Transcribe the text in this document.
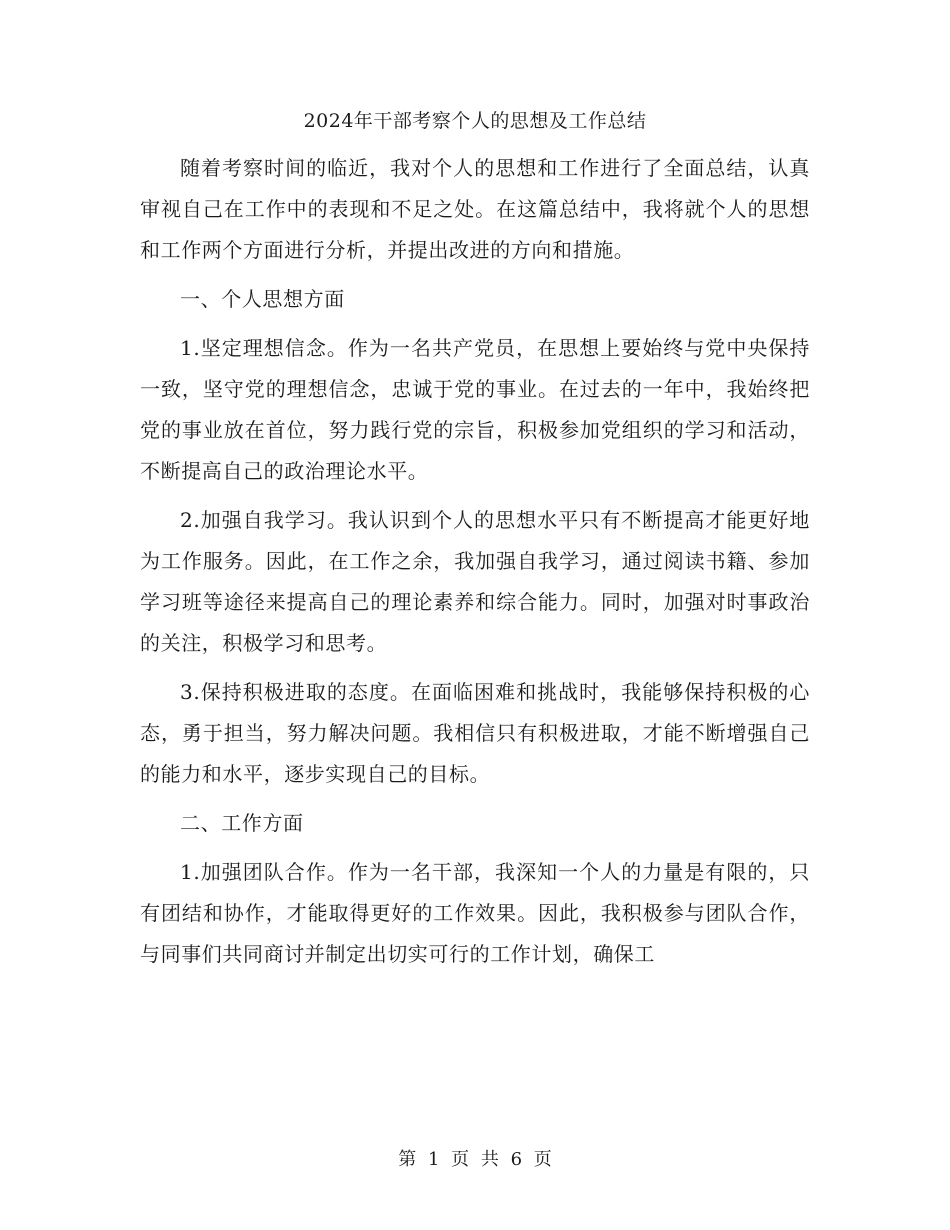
2024年干部考察个人的思想及工作总结

随着考察时间的临近，我对个人的思想和工作进行了全面总结，认真审视自己在工作中的表现和不足之处。在这篇总结中，我将就个人的思想和工作两个方面进行分析，并提出改进的方向和措施。

一、个人思想方面

1.坚定理想信念。作为一名共产党员，在思想上要始终与党中央保持一致，坚守党的理想信念，忠诚于党的事业。在过去的一年中，我始终把党的事业放在首位，努力践行党的宗旨，积极参加党组织的学习和活动，不断提高自己的政治理论水平。

2.加强自我学习。我认识到个人的思想水平只有不断提高才能更好地为工作服务。因此，在工作之余，我加强自我学习，通过阅读书籍、参加学习班等途径来提高自己的理论素养和综合能力。同时，加强对时事政治的关注，积极学习和思考。

3.保持积极进取的态度。在面临困难和挑战时，我能够保持积极的心态，勇于担当，努力解决问题。我相信只有积极进取，才能不断增强自己的能力和水平，逐步实现自己的目标。

二、工作方面

1.加强团队合作。作为一名干部，我深知一个人的力量是有限的，只有团结和协作，才能取得更好的工作效果。因此，我积极参与团队合作，与同事们共同商讨并制定出切实可行的工作计划，确保工

第 1 页 共 6 页
